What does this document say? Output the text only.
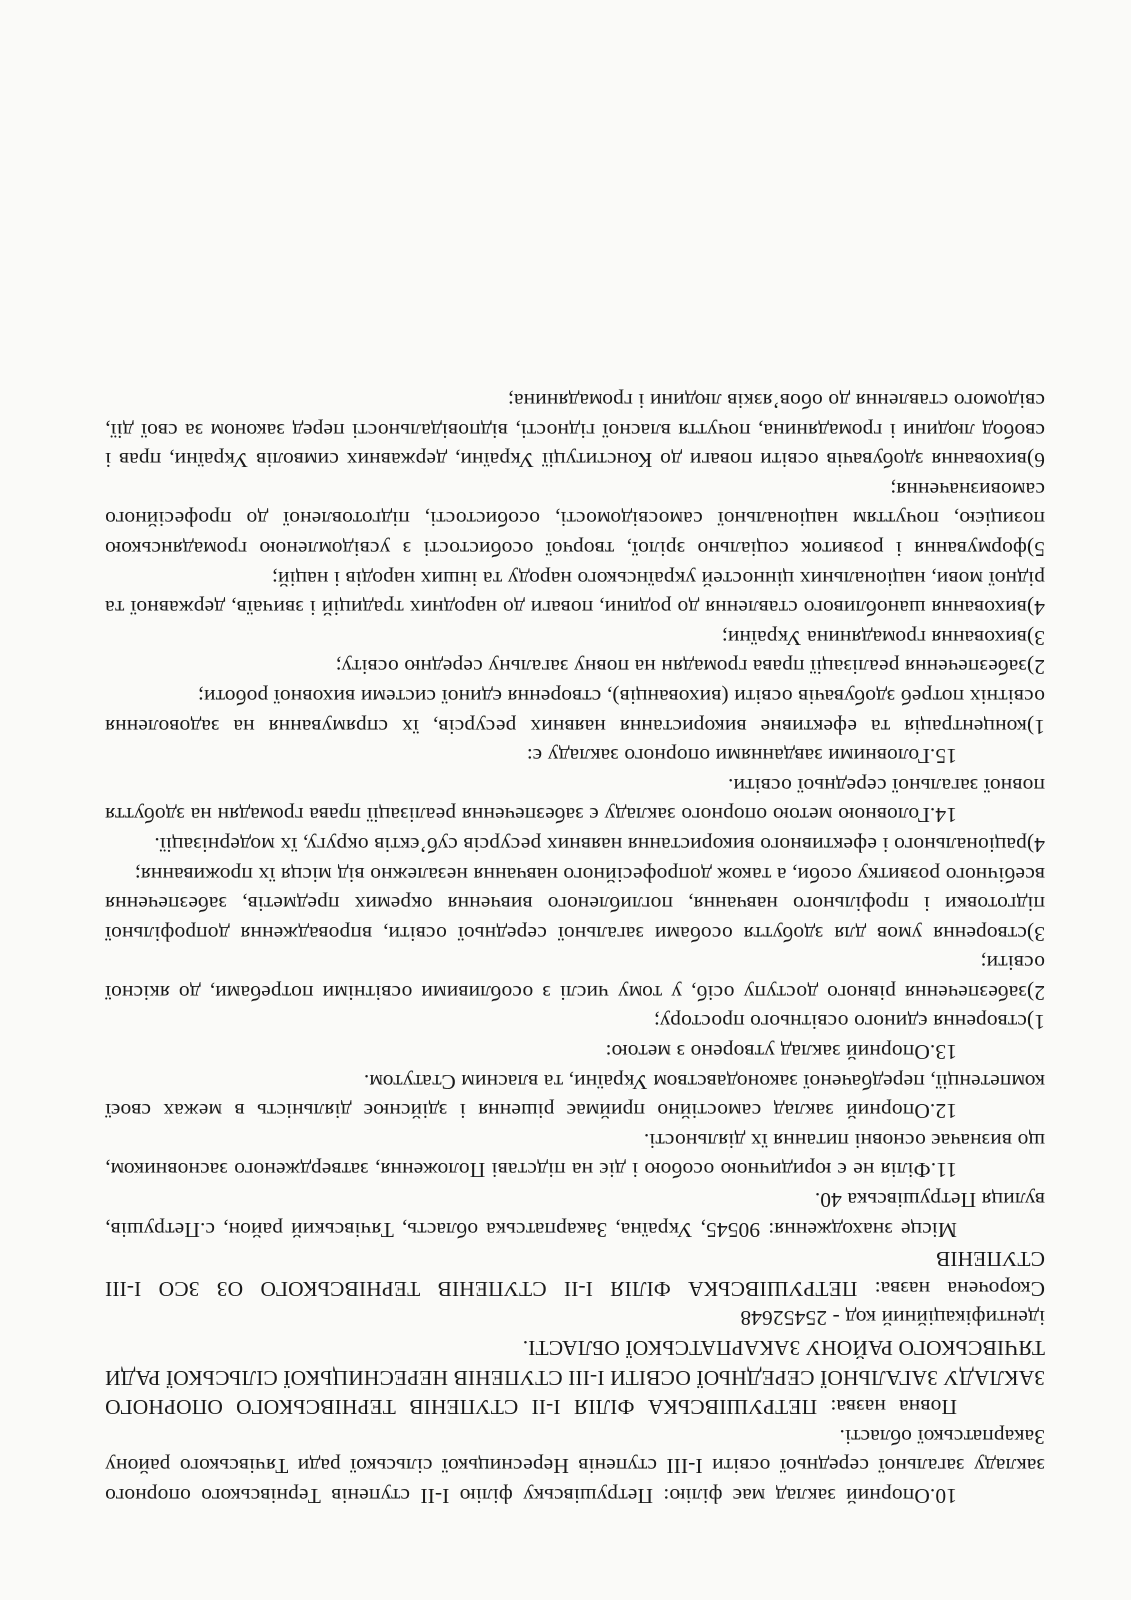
10.Опорний заклад має філію: Петрушівську філію I-II ступенів Тернівського опорного закладу загальної середньої освіти I-III ступенів Нересницької сільської ради Тячівського району Закарпатської області.

Повна назва: ПЕТРУШІВСЬКА ФІЛІЯ I-II СТУПЕНІВ ТЕРНІВСЬКОГО ОПОРНОГО ЗАКЛАДУ ЗАГАЛЬНОЇ СЕРЕДНЬОЇ ОСВІТИ I-III СТУПЕНІВ НЕРЕСНИЦЬКОЇ СІЛЬСЬКОЇ РАДИ ТЯЧІВСЬКОГО РАЙОНУ ЗАКАРПАТСЬКОЇ ОБЛАСТІ.

ідентифікаційний код - 25452648

Скорочена назва: ПЕТРУШІВСЬКА ФІЛІЯ I-II СТУПЕНІВ ТЕРНІВСЬКОГО ОЗ ЗСО I-III СТУПЕНІВ

Місце знаходження: 90545, Україна, Закарпатська область, Тячівський район, с.Петрушів, вулиця Петрушівська 40.

11.Філія не є юридичною особою і діє на підставі Положення, затвердженого засновником, що визначає основні питання їх діяльності.

12.Опорний заклад самостійно приймає рішення і здійснює діяльність в межах своєї компетенції, передбаченої законодавством України, та власним Статутом.

13.Опорний заклад утворено з метою:

1)створення єдиного освітнього простору;

2)забезпечення рівного доступу осіб, у тому числі з особливими освітніми потребами, до якісної освіти;

3)створення умов для здобуття особами загальної середньої освіти, впровадження допрофільної підготовки і профільного навчання, поглибленого вивчення окремих предметів, забезпечення всебічного розвитку особи, а також допрофесійного навчання незалежно від місця їх проживання;

4)раціонального і ефективного використання наявних ресурсів суб’єктів округу, їх модернізації.

14.Головною метою опорного закладу є забезпечення реалізації права громадян на здобуття повної загальної середньої освіти.

15.Головними завданнями опорного закладу є:

1)концентрація та ефективне використання наявних ресурсів, їх спрямування на задоволення освітніх потреб здобувачів освіти (вихованців), створення єдиної системи виховної роботи;

2)забезпечення реалізації права громадян на повну загальну середню освіту;

3)виховання громадянина України;

4)виховання шанобливого ставлення до родини, поваги до народних традицій і звичаїв, державної та рідної мови, національних цінностей українського народу та інших народів і націй;

5)формування і розвиток соціально зрілої, творчої особистості з усвідомленою громадянською позицією, почуттям національної самосвідомості, особистості, підготовленої до професійного самовизначення;

6)виховання здобувачів освіти поваги до Конституції України, державних символів України, прав і свобод людини і громадянина, почуття власної гідності, відповідальності перед законом за свої дії, свідомого ставлення до обов’язків людини і громадянина;
